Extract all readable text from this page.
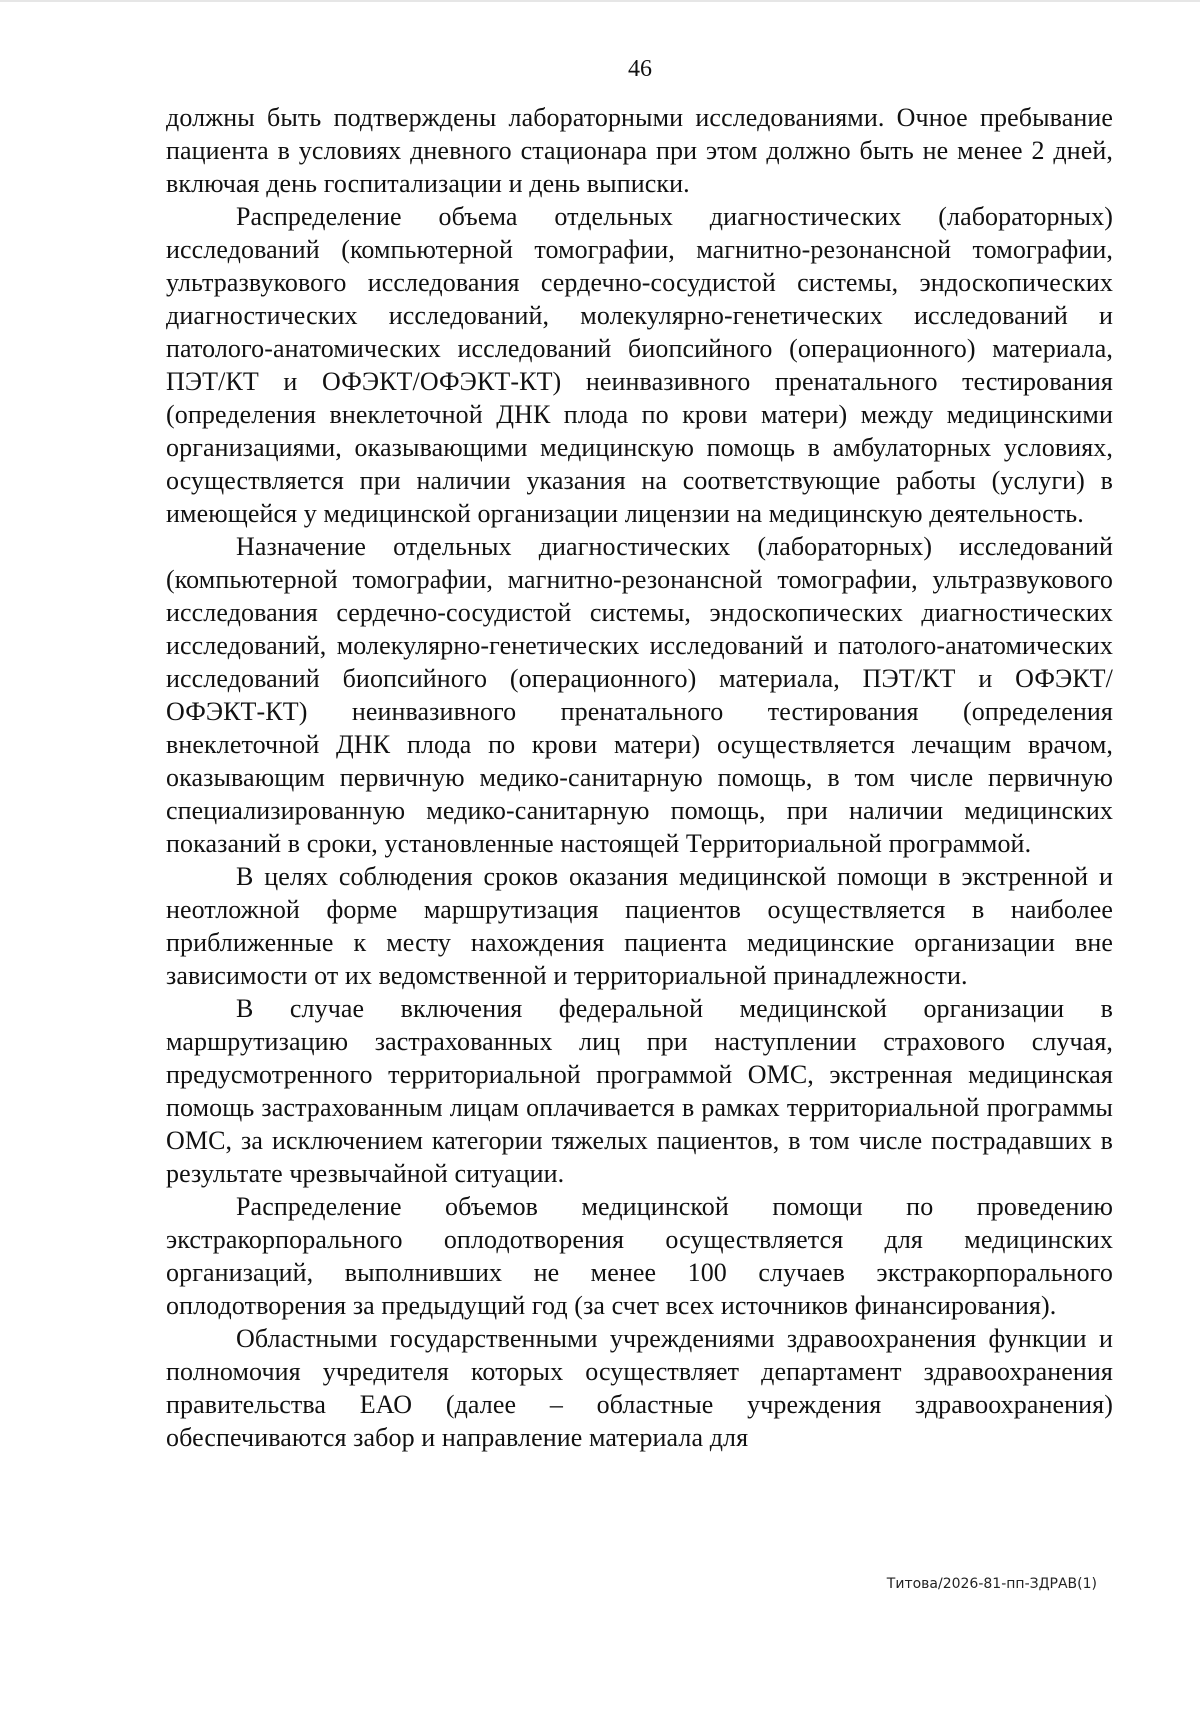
46

должны быть подтверждены лабораторными исследованиями. Очное пребывание пациента в условиях дневного стационара при этом должно быть не менее 2 дней, включая день госпитализации и день выписки.

Распределение объема отдельных диагностических (лабораторных) исследований (компьютерной томографии, магнитно-резонансной томографии, ультразвукового исследования сердечно-сосудистой системы, эндоскопических диагностических исследований, молекулярно-генетических исследований и патолого-анатомических исследований биопсийного (операционного) материала, ПЭТ/КТ и ОФЭКТ/ОФЭКТ-КТ) неинвазивного пренатального тестирования (определения внеклеточной ДНК плода по крови матери) между медицинскими организациями, оказывающими медицинскую помощь в амбулаторных условиях, осуществляется при наличии указания на соответствующие работы (услуги) в имеющейся у медицинской организации лицензии на медицинскую деятельность.

Назначение отдельных диагностических (лабораторных) исследований (компьютерной томографии, магнитно-резонансной томографии, ультразвукового исследования сердечно-сосудистой системы, эндоскопических диагностических исследований, молекулярно-генетических исследований и патолого-анатомических исследований биопсийного (операционного) материала, ПЭТ/КТ и ОФЭКТ/ОФЭКТ-КТ) неинвазивного пренатального тестирования (определения внеклеточной ДНК плода по крови матери) осуществляется лечащим врачом, оказывающим первичную медико-санитарную помощь, в том числе первичную специализированную медико-санитарную помощь, при наличии медицинских показаний в сроки, установленные настоящей Территориальной программой.

В целях соблюдения сроков оказания медицинской помощи в экстренной и неотложной форме маршрутизация пациентов осуществляется в наиболее приближенные к месту нахождения пациента медицинские организации вне зависимости от их ведомственной и территориальной принадлежности.

В случае включения федеральной медицинской организации в маршрутизацию застрахованных лиц при наступлении страхового случая, предусмотренного территориальной программой ОМС, экстренная медицинская помощь застрахованным лицам оплачивается в рамках территориальной программы ОМС, за исключением категории тяжелых пациентов, в том числе пострадавших в результате чрезвычайной ситуации.

Распределение объемов медицинской помощи по проведению экстракорпорального оплодотворения осуществляется для медицинских организаций, выполнивших не менее 100 случаев экстракорпорального оплодотворения за предыдущий год (за счет всех источников финансирования).

Областными государственными учреждениями здравоохранения функции и полномочия учредителя которых осуществляет департамент здравоохранения правительства ЕАО (далее – областные учреждения здравоохранения) обеспечиваются забор и направление материала для

Титова/2026-81-пп-ЗДРАВ(1)
